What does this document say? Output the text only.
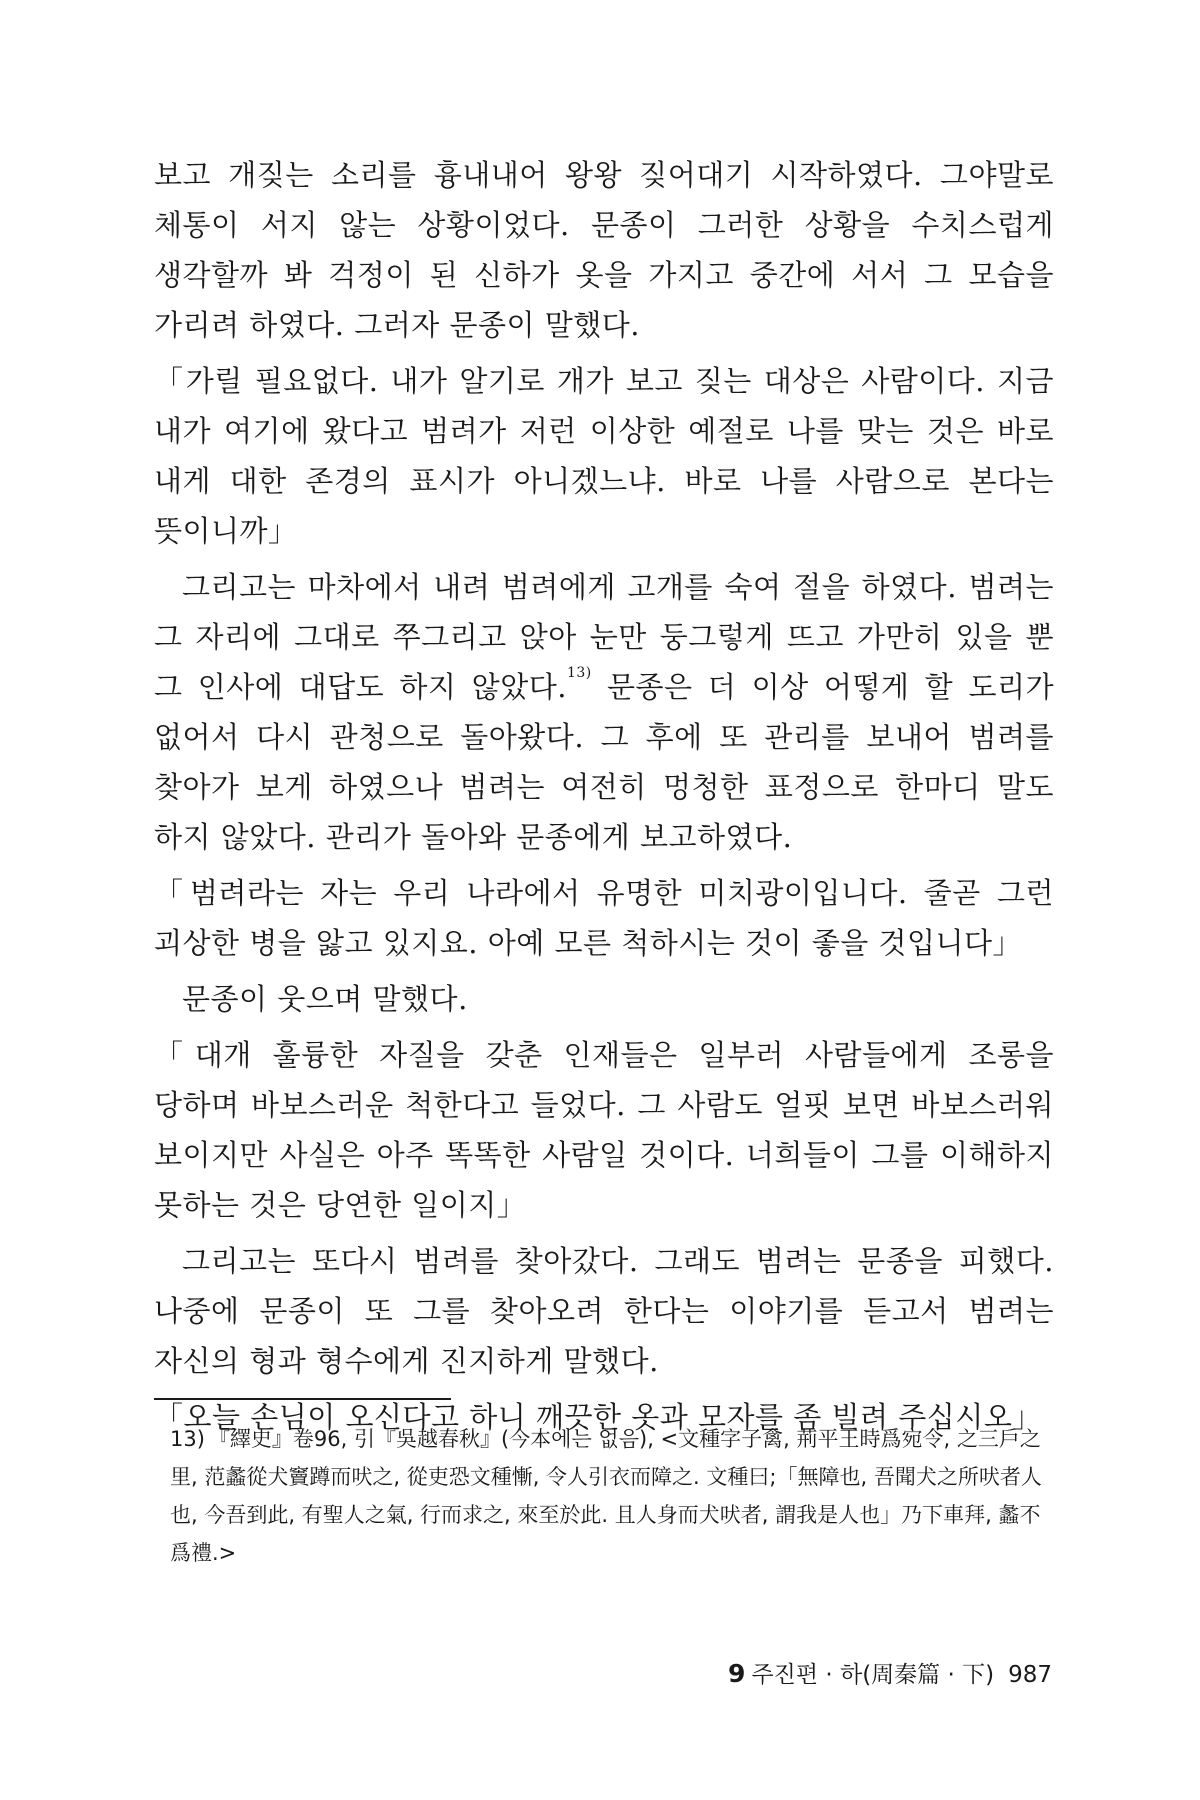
보고 개짖는 소리를 흉내내어 왕왕 짖어대기 시작하였다. 그야말로 체통이 서지 않는 상황이었다. 문종이 그러한 상황을 수치스럽게 생각할까 봐 걱정이 된 신하가 옷을 가지고 중간에 서서 그 모습을 가리려 하였다. 그러자 문종이 말했다.

「가릴 필요없다. 내가 알기로 개가 보고 짖는 대상은 사람이다. 지금 내가 여기에 왔다고 범려가 저런 이상한 예절로 나를 맞는 것은 바로 내게 대한 존경의 표시가 아니겠느냐. 바로 나를 사람으로 본다는 뜻이니까」

그리고는 마차에서 내려 범려에게 고개를 숙여 절을 하였다. 범려는 그 자리에 그대로 쭈그리고 앉아 눈만 둥그렇게 뜨고 가만히 있을 뿐 그 인사에 대답도 하지 않았다.$^{13)}$ 문종은 더 이상 어떻게 할 도리가 없어서 다시 관청으로 돌아왔다. 그 후에 또 관리를 보내어 범려를 찾아가 보게 하였으나 범려는 여전히 멍청한 표정으로 한마디 말도 하지 않았다. 관리가 돌아와 문종에게 보고하였다.

「범려라는 자는 우리 나라에서 유명한 미치광이입니다. 줄곧 그런 괴상한 병을 앓고 있지요. 아예 모른 척하시는 것이 좋을 것입니다」

문종이 웃으며 말했다.

「대개 훌륭한 자질을 갖춘 인재들은 일부러 사람들에게 조롱을 당하며 바보스러운 척한다고 들었다. 그 사람도 얼핏 보면 바보스러워 보이지만 사실은 아주 똑똑한 사람일 것이다. 너희들이 그를 이해하지 못하는 것은 당연한 일이지」

그리고는 또다시 범려를 찾아갔다. 그래도 범려는 문종을 피했다. 나중에 문종이 또 그를 찾아오려 한다는 이야기를 듣고서 범려는 자신의 형과 형수에게 진지하게 말했다.

「오늘 손님이 오신다고 하니 깨끗한 옷과 모자를 좀 빌려 주십시오」

13) 『繹史』卷96, 引『吳越春秋』(今本에는 없음), <文種字子禽, 荊平王時爲宛令, 之三戶之里, 范蠡從犬竇蹲而吠之, 從吏恐文種慚, 令人引衣而障之. 文種曰;「無障也, 吾聞犬之所吠者人也, 今吾到此, 有聖人之氣, 行而求之, 來至於此. 且人身而犬吠者, 謂我是人也」乃下車拜, 蠡不爲禮.>
9 주진편 · 하(周秦篇 · 下) 987
